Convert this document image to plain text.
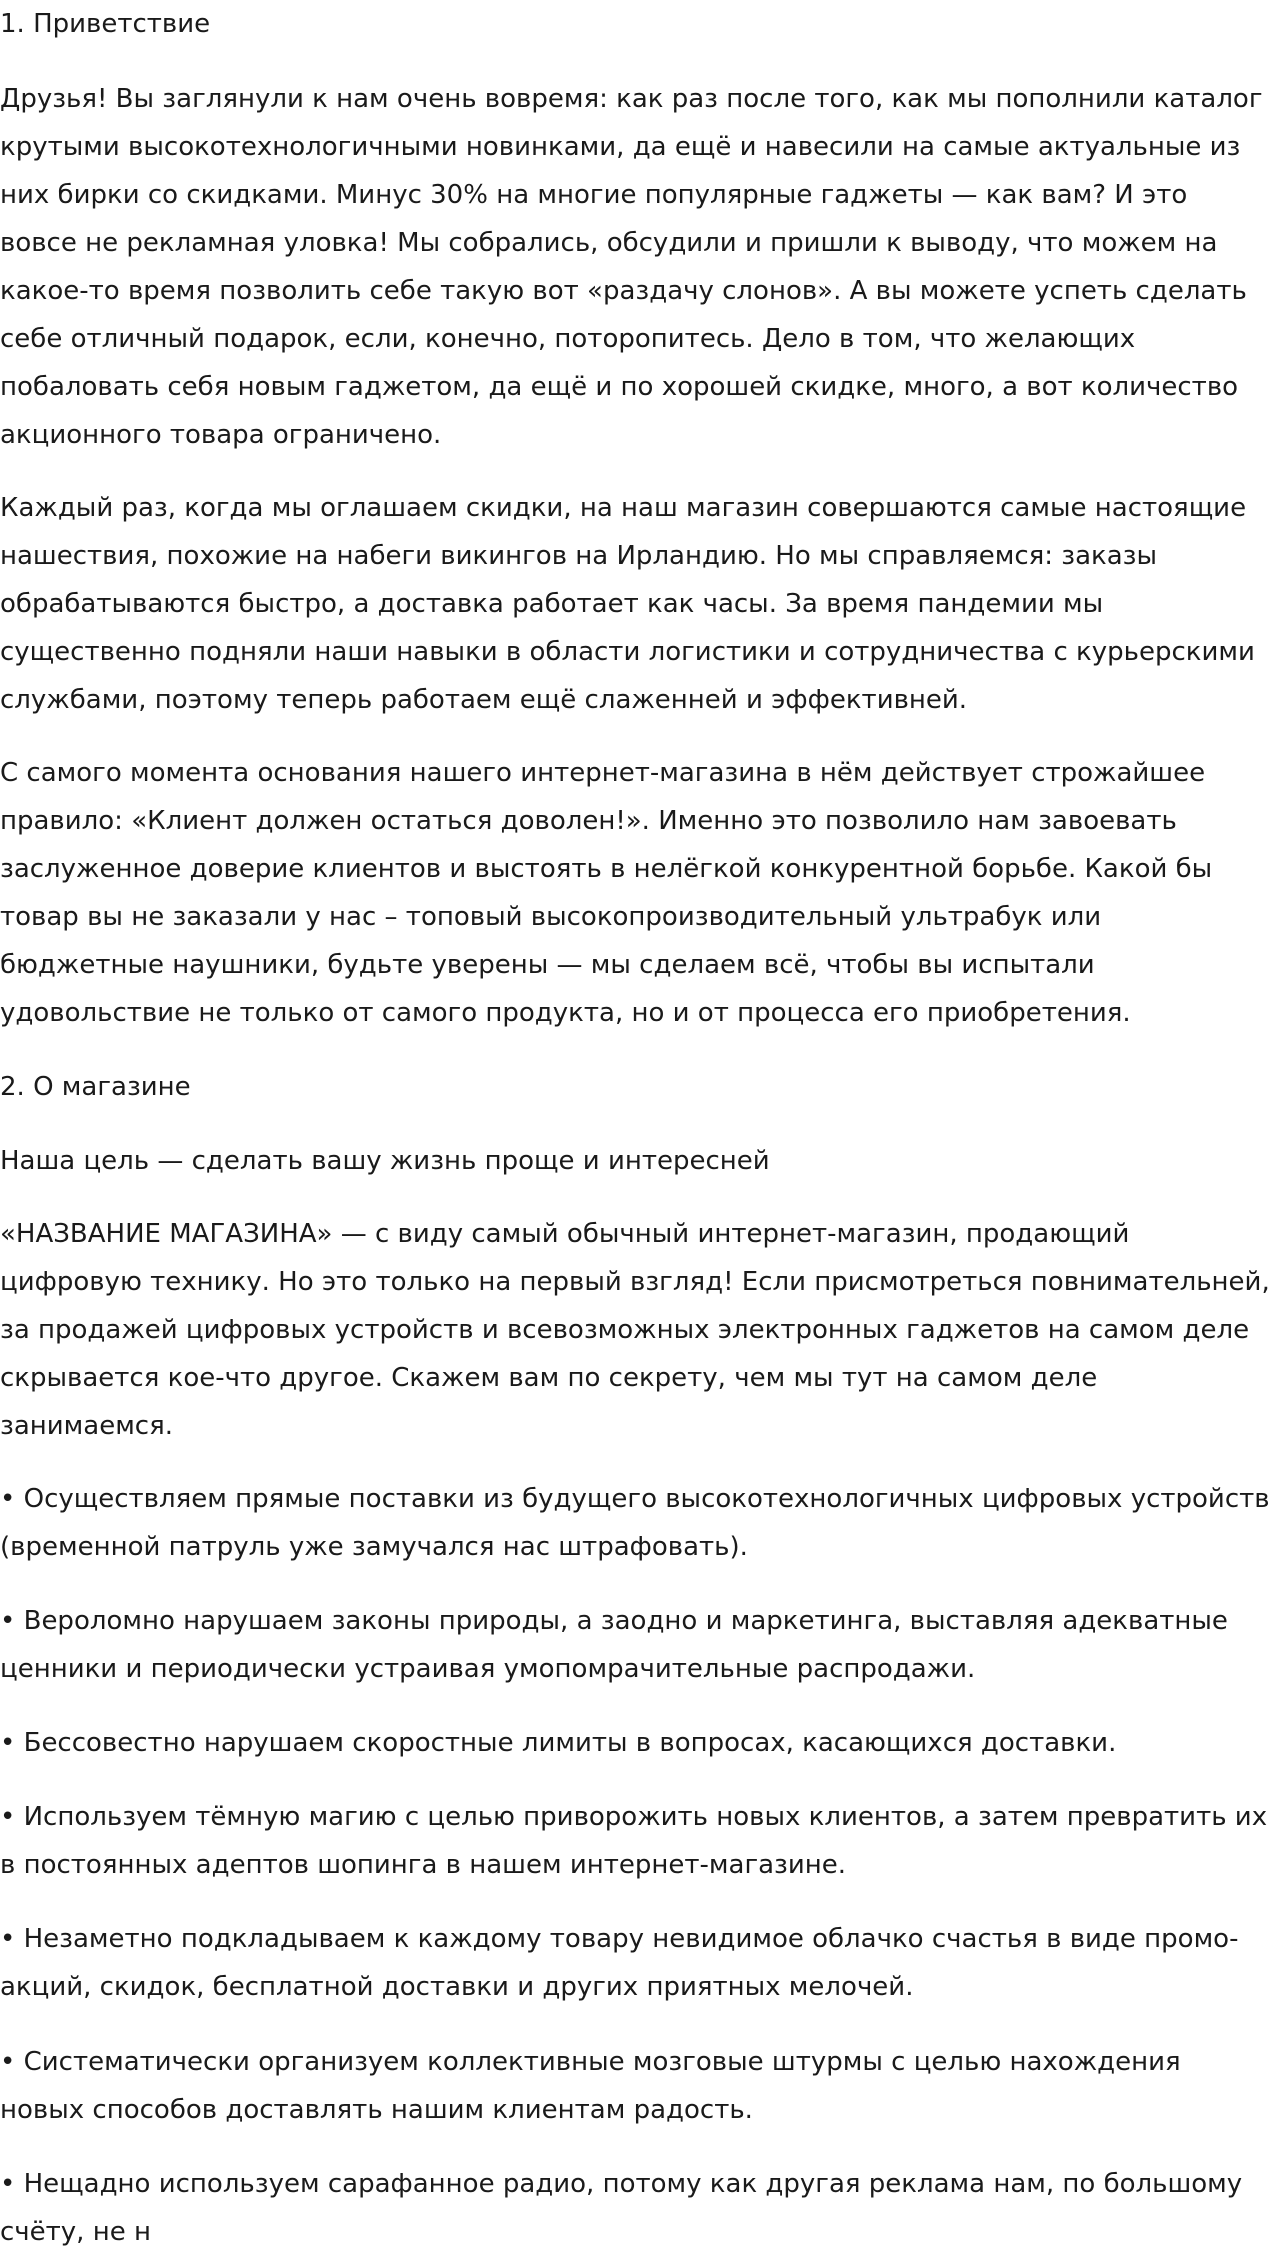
1. Приветствие
Друзья! Вы заглянули к нам очень вовремя: как раз после того, как мы пополнили каталог
крутыми высокотехнологичными новинками, да ещё и навесили на самые актуальные из
них бирки со скидками. Минус 30% на многие популярные гаджеты — как вам? И это
вовсе не рекламная уловка! Мы собрались, обсудили и пришли к выводу, что можем на
какое-то время позволить себе такую вот «раздачу слонов». А вы можете успеть сделать
себе отличный подарок, если, конечно, поторопитесь. Дело в том, что желающих
побаловать себя новым гаджетом, да ещё и по хорошей скидке, много, а вот количество
акционного товара ограничено.
Каждый раз, когда мы оглашаем скидки, на наш магазин совершаются самые настоящие
нашествия, похожие на набеги викингов на Ирландию. Но мы справляемся: заказы
обрабатываются быстро, а доставка работает как часы. За время пандемии мы
существенно подняли наши навыки в области логистики и сотрудничества с курьерскими
службами, поэтому теперь работаем ещё слаженней и эффективней.
С самого момента основания нашего интернет-магазина в нём действует строжайшее
правило: «Клиент должен остаться доволен!». Именно это позволило нам завоевать
заслуженное доверие клиентов и выстоять в нелёгкой конкурентной борьбе. Какой бы
товар вы не заказали у нас – топовый высокопроизводительный ультрабук или
бюджетные наушники, будьте уверены — мы сделаем всё, чтобы вы испытали
удовольствие не только от самого продукта, но и от процесса его приобретения.
2. О магазине
Наша цель — сделать вашу жизнь проще и интересней
«НАЗВАНИЕ МАГАЗИНА» — с виду самый обычный интернет-магазин, продающий
цифровую технику. Но это только на первый взгляд! Если присмотреться повнимательней,
за продажей цифровых устройств и всевозможных электронных гаджетов на самом деле
скрывается кое-что другое. Скажем вам по секрету, чем мы тут на самом деле
занимаемся.
• Осуществляем прямые поставки из будущего высокотехнологичных цифровых устройств
(временной патруль уже замучался нас штрафовать).
• Вероломно нарушаем законы природы, а заодно и маркетинга, выставляя адекватные
ценники и периодически устраивая умопомрачительные распродажи.
• Бессовестно нарушаем скоростные лимиты в вопросах, касающихся доставки.
• Используем тёмную магию с целью приворожить новых клиентов, а затем превратить их
в постоянных адептов шопинга в нашем интернет-магазине.
• Незаметно подкладываем к каждому товару невидимое облачко счастья в виде промо-
акций, скидок, бесплатной доставки и других приятных мелочей.
• Систематически организуем коллективные мозговые штурмы с целью нахождения
новых способов доставлять нашим клиентам радость.
• Нещадно используем сарафанное радио, потому как другая реклама нам, по большому
счёту, не н
